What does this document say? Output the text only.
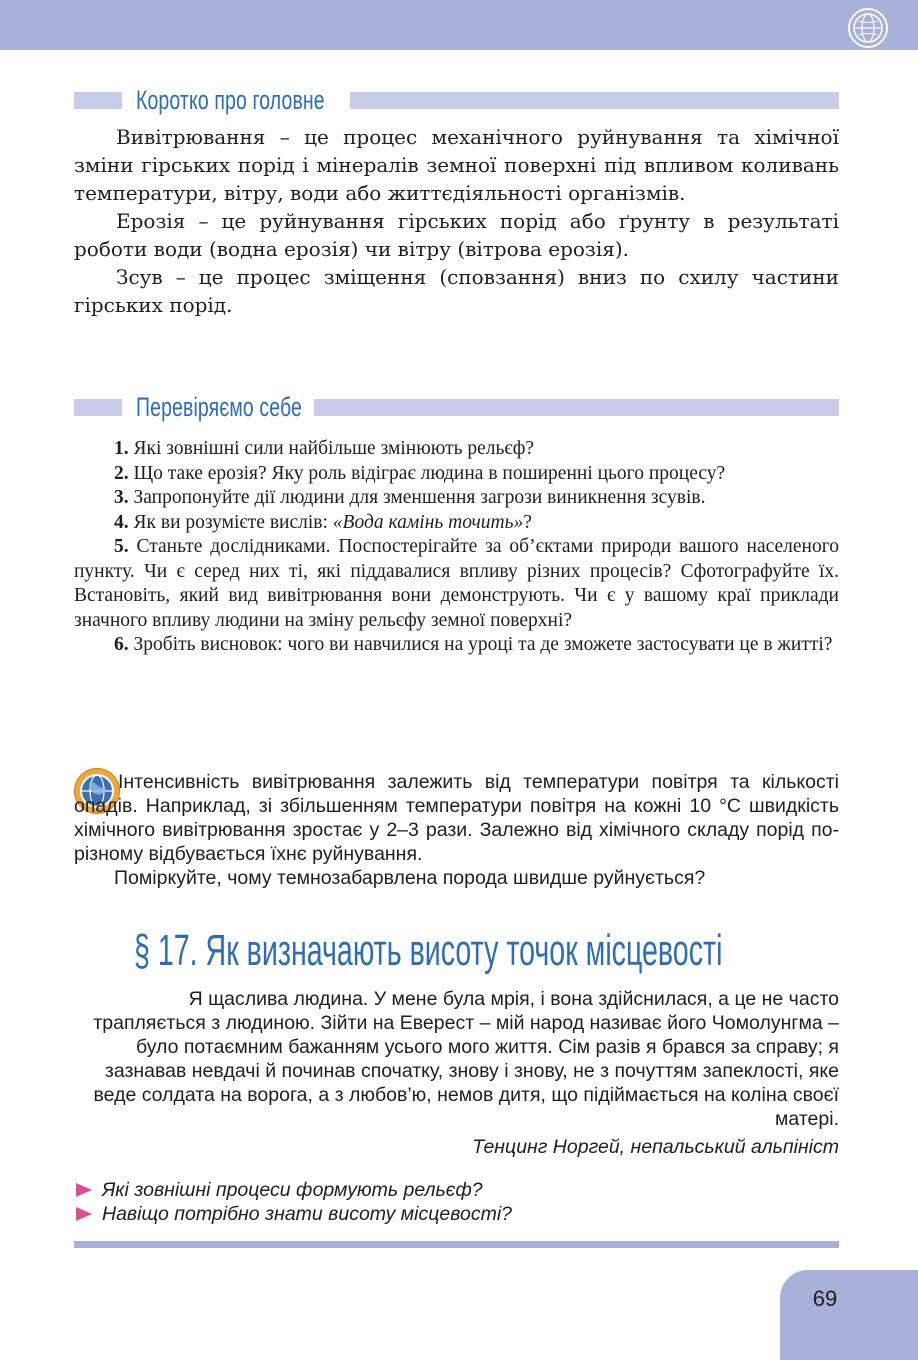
Коротко про головне

Вивітрювання – це процес механічного руйнування та хімічної зміни гірських порід і мінералів земної поверхні під впливом коливань температури, вітру, води або життєдіяльності організмів.

Ерозія – це руйнування гірських порід або ґрунту в результаті роботи води (водна ерозія) чи вітру (вітрова ерозія).

Зсув – це процес зміщення (сповзання) вниз по схилу частини гірських порід.

Перевіряємо себе

1. Які зовнішні сили найбільше змінюють рельєф?

2. Що таке ерозія? Яку роль відіграє людина в поширенні цього процесу?

3. Запропонуйте дії людини для зменшення загрози виникнення зсувів.

4. Як ви розумієте вислів: «Вода камінь точить»?

5. Станьте дослідниками. Поспостерігайте за об’єктами природи вашого населеного пункту. Чи є серед них ті, які піддавалися впливу різних процесів? Сфотографуйте їх. Встановіть, який вид вивітрювання вони демонструють. Чи є у вашому краї приклади значного впливу людини на зміну рельєфу земної поверхні?

6. Зробіть висновок: чого ви навчилися на уроці та де зможете застосувати це в житті?

Інтенсивність вивітрювання залежить від температури повітря та кількості опадів. Наприклад, зі збільшенням температури повітря на кожні 10 °С швидкість хімічного вивітрювання зростає у 2–3 рази. Залежно від хімічного складу порід по-різному відбувається їхнє руйнування.

Поміркуйте, чому темнозабарвлена порода швидше руйнується?

§ 17. Як визначають висоту точок місцевості

Я щаслива людина. У мене була мрія, і вона здійснилася, а це не часто трапляється з людиною. Зійти на Еверест – мій народ називає його Чомолунгма – було потаємним бажанням усього мого життя. Сім разів я брався за справу; я зазнавав невдачі й починав спочатку, знову і знову, не з почуттям запеклості, яке веде солдата на ворога, а з любов’ю, немов дитя, що підіймається на коліна своєї матері.

Тенцинг Норгей, непальський альпініст

Які зовнішні процеси формують рельєф?
Навіщо потрібно знати висоту місцевості?
69
